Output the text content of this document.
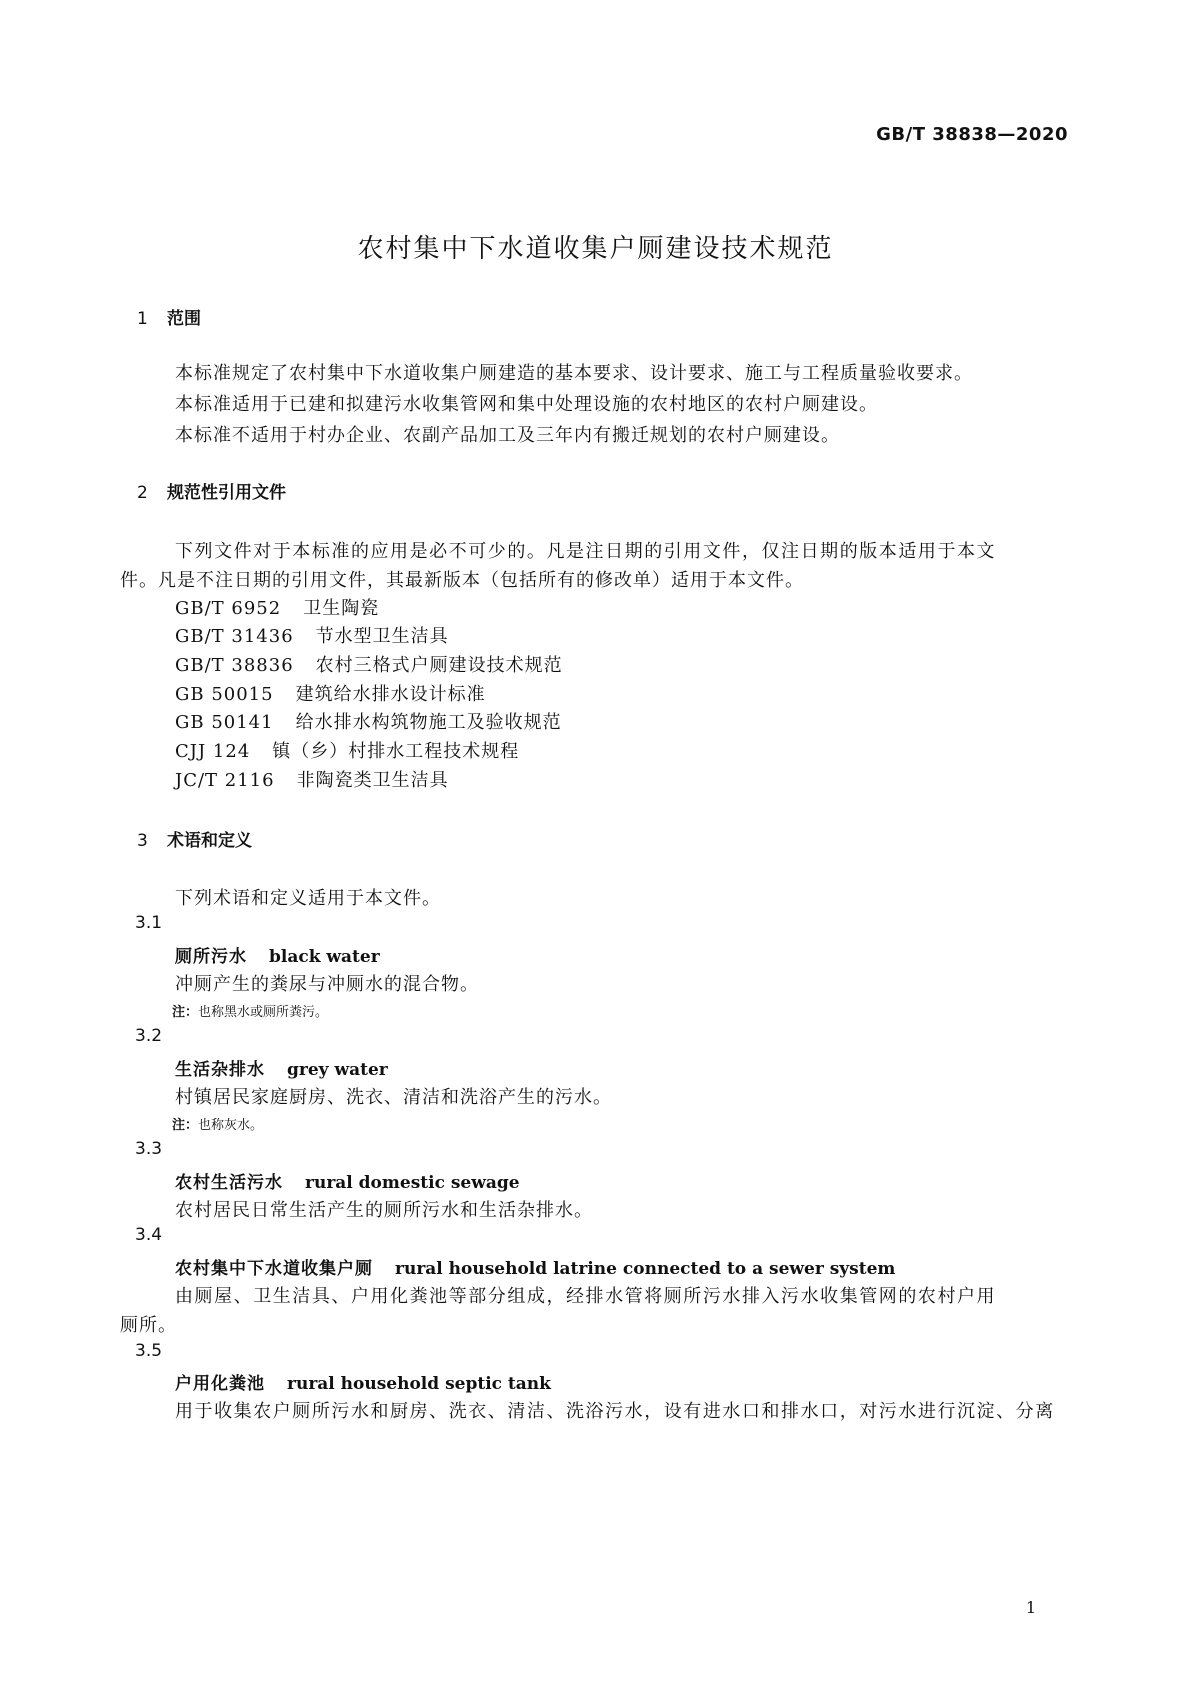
GB/T 38838—2020
农村集中下水道收集户厕建设技术规范
1 范围
本标准规定了农村集中下水道收集户厕建造的基本要求、设计要求、施工与工程质量验收要求。
本标准适用于已建和拟建污水收集管网和集中处理设施的农村地区的农村户厕建设。
本标准不适用于村办企业、农副产品加工及三年内有搬迁规划的农村户厕建设。
2 规范性引用文件
下列文件对于本标准的应用是必不可少的。凡是注日期的引用文件，仅注日期的版本适用于本文
件。凡是不注日期的引用文件，其最新版本（包括所有的修改单）适用于本文件。
GB/T 6952 卫生陶瓷
GB/T 31436 节水型卫生洁具
GB/T 38836 农村三格式户厕建设技术规范
GB 50015 建筑给水排水设计标准
GB 50141 给水排水构筑物施工及验收规范
CJJ 124 镇（乡）村排水工程技术规程
JC/T 2116 非陶瓷类卫生洁具
3 术语和定义
下列术语和定义适用于本文件。
3.1
厕所污水 black water
冲厕产生的粪尿与冲厕水的混合物。
注：也称黑水或厕所粪污。
3.2
生活杂排水 grey water
村镇居民家庭厨房、洗衣、清洁和洗浴产生的污水。
注：也称灰水。
3.3
农村生活污水 rural domestic sewage
农村居民日常生活产生的厕所污水和生活杂排水。
3.4
农村集中下水道收集户厕 rural household latrine connected to a sewer system
由厕屋、卫生洁具、户用化粪池等部分组成，经排水管将厕所污水排入污水收集管网的农村户用
厕所。
3.5
户用化粪池 rural household septic tank
用于收集农户厕所污水和厨房、洗衣、清洁、洗浴污水，设有进水口和排水口，对污水进行沉淀、分离
1
